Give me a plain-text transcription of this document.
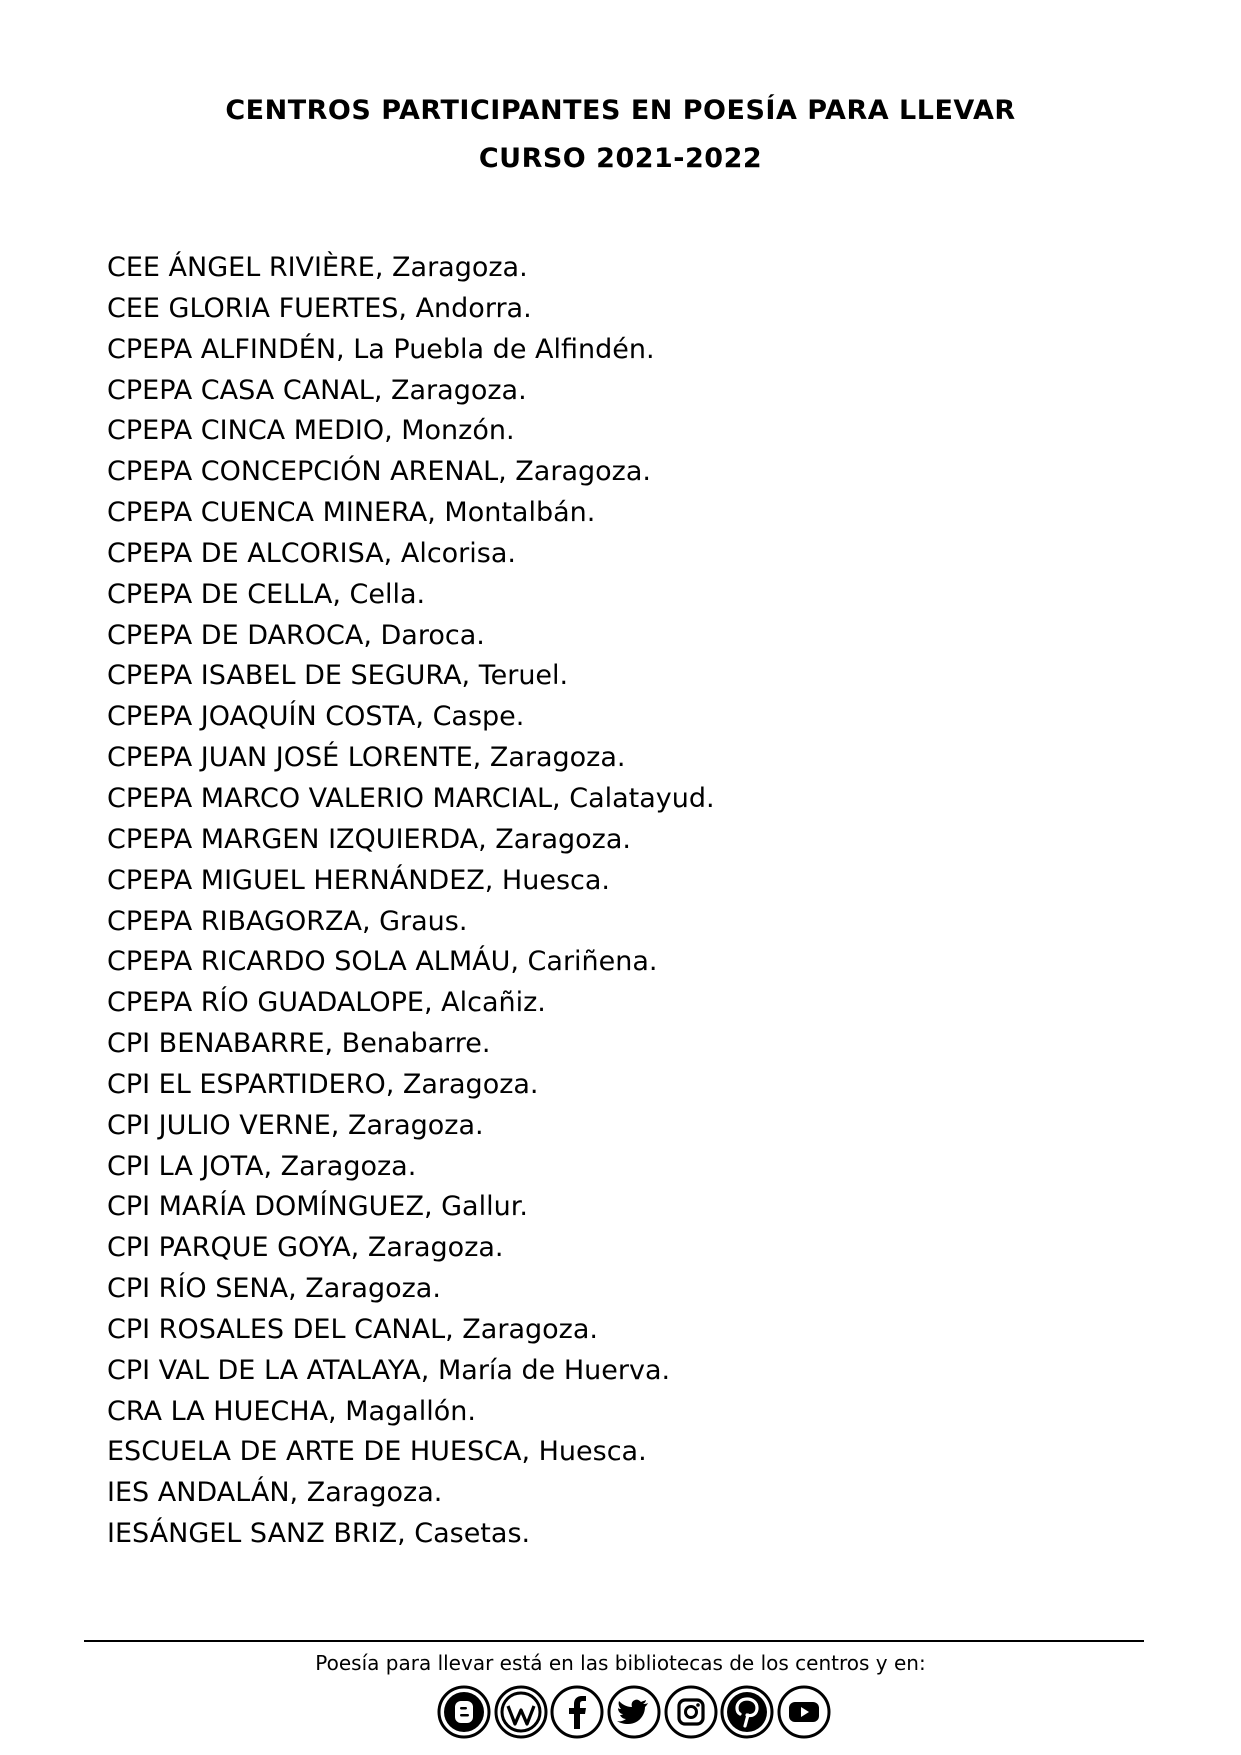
CENTROS PARTICIPANTES EN POESÍA PARA LLEVAR
CURSO 2021-2022
CEE ÁNGEL RIVIÈRE, Zaragoza.
CEE GLORIA FUERTES, Andorra.
CPEPA ALFINDÉN, La Puebla de Alfindén.
CPEPA CASA CANAL, Zaragoza.
CPEPA CINCA MEDIO, Monzón.
CPEPA CONCEPCIÓN ARENAL, Zaragoza.
CPEPA CUENCA MINERA, Montalbán.
CPEPA DE ALCORISA, Alcorisa.
CPEPA DE CELLA, Cella.
CPEPA DE DAROCA, Daroca.
CPEPA ISABEL DE SEGURA, Teruel.
CPEPA JOAQUÍN COSTA, Caspe.
CPEPA JUAN JOSÉ LORENTE, Zaragoza.
CPEPA MARCO VALERIO MARCIAL, Calatayud.
CPEPA MARGEN IZQUIERDA, Zaragoza.
CPEPA MIGUEL HERNÁNDEZ, Huesca.
CPEPA RIBAGORZA, Graus.
CPEPA RICARDO SOLA ALMÁU, Cariñena.
CPEPA RÍO GUADALOPE, Alcañiz.
CPI BENABARRE, Benabarre.
CPI EL ESPARTIDERO, Zaragoza.
CPI JULIO VERNE, Zaragoza.
CPI LA JOTA, Zaragoza.
CPI MARÍA DOMÍNGUEZ, Gallur.
CPI PARQUE GOYA, Zaragoza.
CPI RÍO SENA, Zaragoza.
CPI ROSALES DEL CANAL, Zaragoza.
CPI VAL DE LA ATALAYA, María de Huerva.
CRA LA HUECHA, Magallón.
ESCUELA DE ARTE DE HUESCA, Huesca.
IES ANDALÁN, Zaragoza.
IESÁNGEL SANZ BRIZ, Casetas.
Poesía para llevar está en las bibliotecas de los centros y en:
